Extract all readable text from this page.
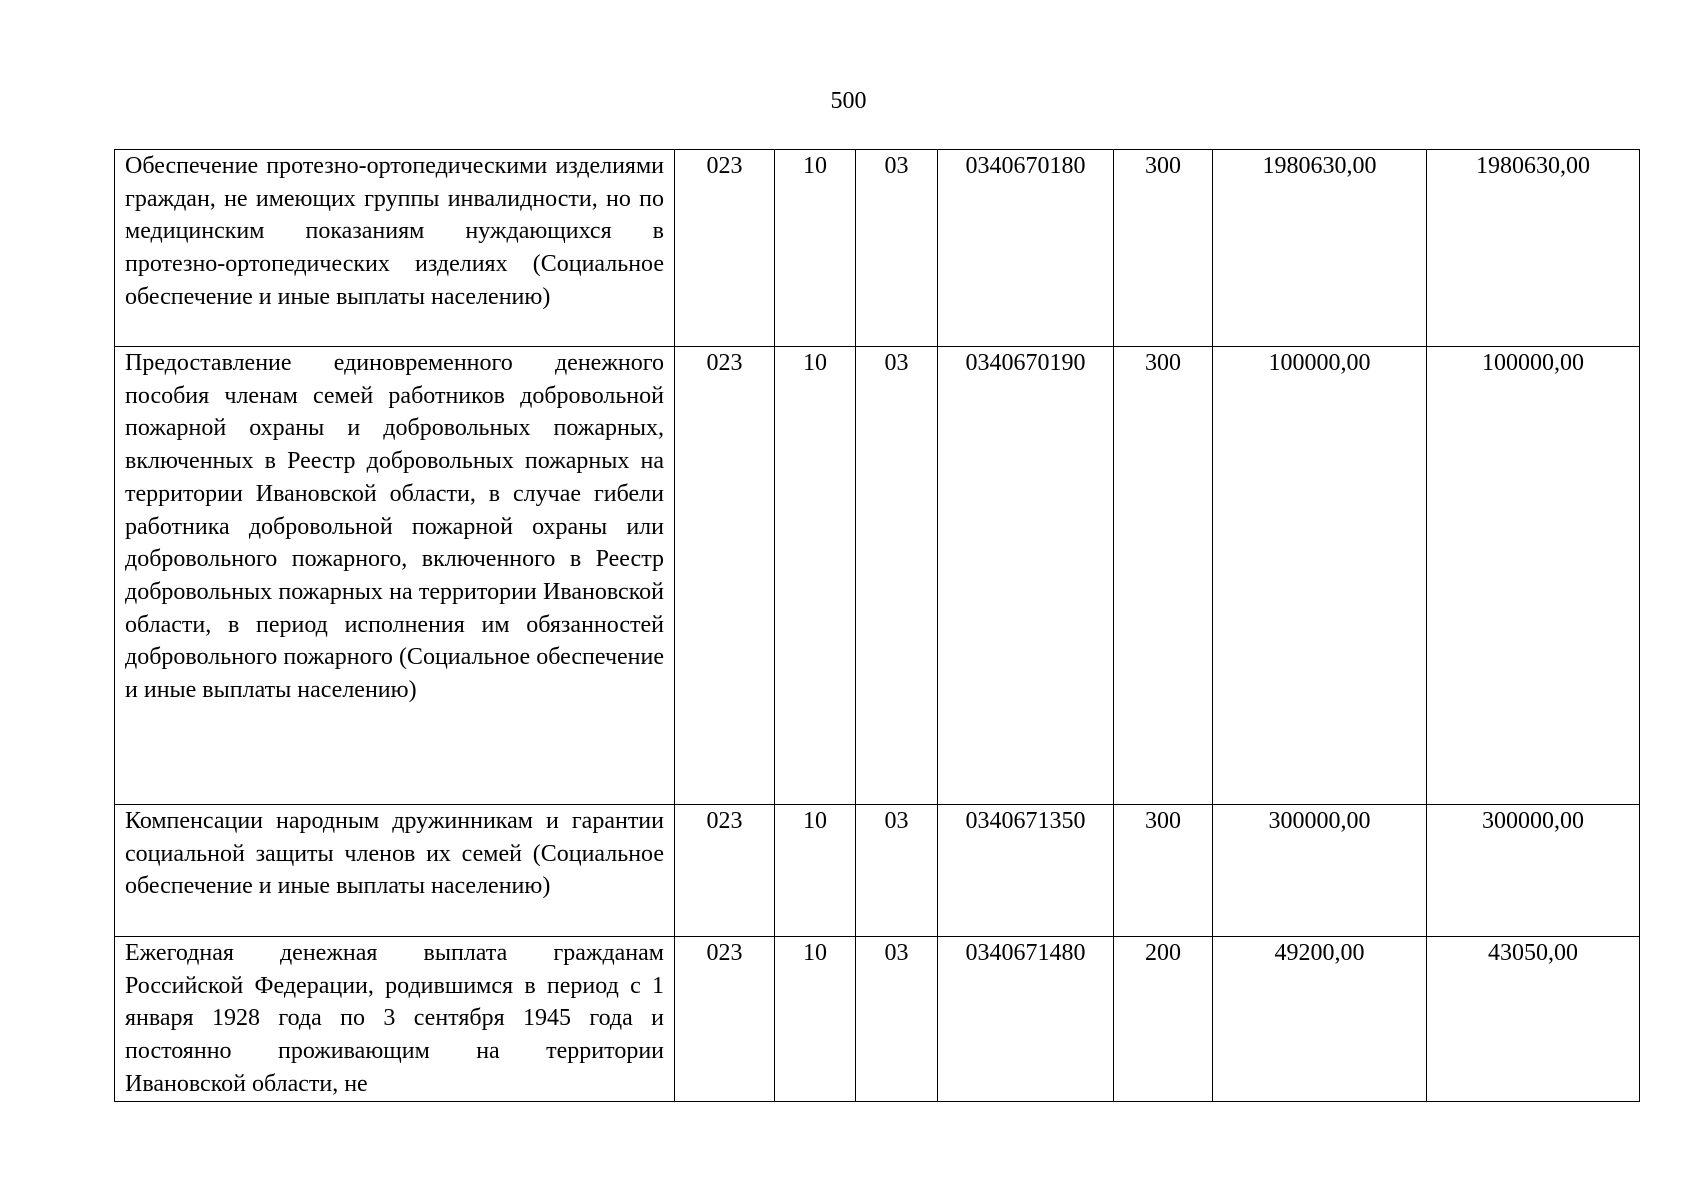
500
Обеспечение протезно-ортопедическими изделиями граждан, не имеющих группы инвалидности, но по медицинским показаниям нуждающихся в протезно-ортопедических изделиях (Социальное обеспечение и иные выплаты населению)	023	10	03	0340670180	300	1980630,00	1980630,00
Предоставление единовременного денежного пособия членам семей работников добровольной пожарной охраны и добровольных пожарных, включенных в Реестр добровольных пожарных на территории Ивановской области, в случае гибели работника добровольной пожарной охраны или добровольного пожарного, включенного в Реестр добровольных пожарных на территории Ивановской области, в период исполнения им обязанностей добровольного пожарного (Социальное обеспечение и иные выплаты населению)	023	10	03	0340670190	300	100000,00	100000,00
Компенсации народным дружинникам и гарантии социальной защиты членов их семей (Социальное обеспечение и иные выплаты населению)	023	10	03	0340671350	300	300000,00	300000,00
Ежегодная денежная выплата гражданам Российской Федерации, родившимся в период с 1 января 1928 года по 3 сентября 1945 года и постоянно проживающим на территории Ивановской области, не	023	10	03	0340671480	200	49200,00	43050,00
